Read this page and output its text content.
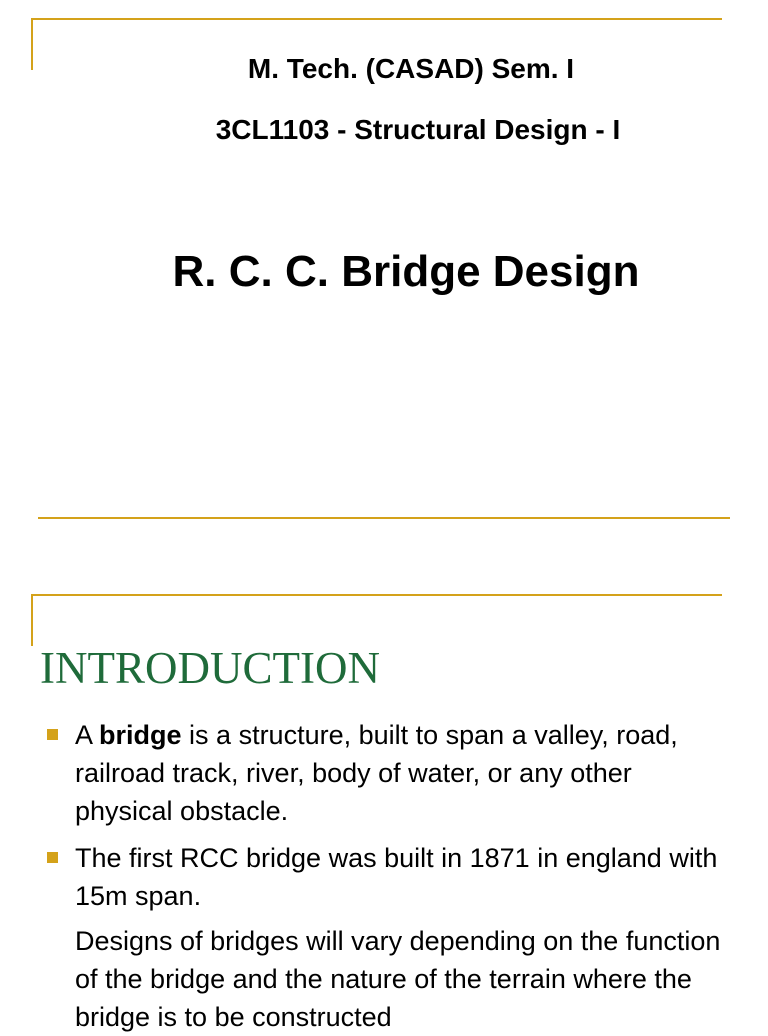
M. Tech. (CASAD) Sem. I
3CL1103 - Structural Design - I
R. C. C. Bridge Design
INTRODUCTION
A bridge is a structure, built to span a valley, road, railroad track, river, body of water, or any other physical obstacle.
The first RCC bridge was built in 1871 in england with 15m span.
Designs of bridges will vary depending on the function of the bridge and the nature of the terrain where the bridge is to be constructed
